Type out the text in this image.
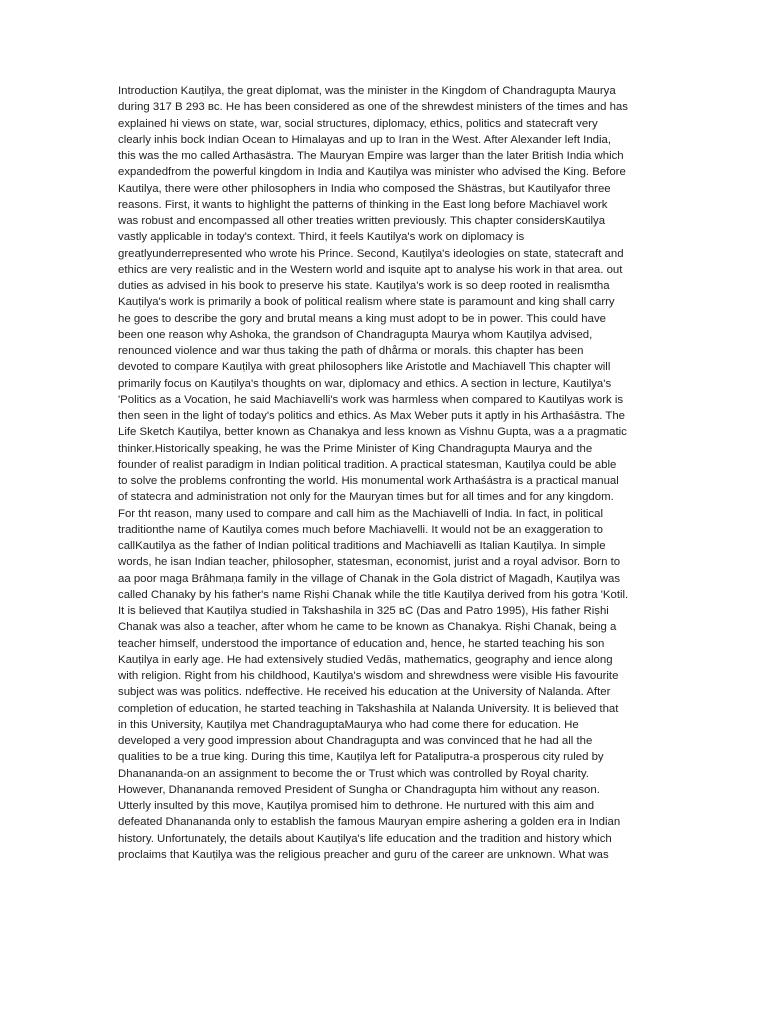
Introduction Kauṭilya, the great diplomat, was the minister in the Kingdom of Chandragupta Maurya
during 317 B 293 вс. He has been considered as one of the shrewdest ministers of the times and has
explained hi views on state, war, social structures, diplomacy, ethics, politics and statecraft very
clearly inhis bock Indian Ocean to Himalayas and up to Iran in the West. After Alexander left India,
this was the mo called Arthasästra. The Mauryan Empire was larger than the later British India which
expandedfrom the powerful kingdom in India and Kauṭilya was minister who advised the King. Before
Kautilya, there were other philosophers in India who composed the Shästras, but Kautilyafor three
reasons. First, it wants to highlight the patterns of thinking in the East long before Machiavel work
was robust and encompassed all other treaties written previously. This chapter considersKautilya
vastly applicable in today's context. Third, it feels Kautilya's work on diplomacy is
greatlyunderrepresented who wrote his Prince. Second, Kauṭilya's ideologies on state, statecraft and
ethics are very realistic and in the Western world and isquite apt to analyse his work in that area. out
duties as advised in his book to preserve his state. Kauṭilya's work is so deep rooted in realismtha
Kauṭilya's work is primarily a book of political realism where state is paramount and king shall carry
he goes to describe the gory and brutal means a king must adopt to be in power. This could have
been one reason why Ashoka, the grandson of Chandragupta Maurya whom Kauṭilya advised,
renounced violence and war thus taking the path of dhårma or morals. this chapter has been
devoted to compare Kauṭilya with great philosophers like Aristotle and Machiavell This chapter will
primarily focus on Kauṭilya's thoughts on war, diplomacy and ethics. A section in lecture, Kautilya's
'Politics as a Vocation, he said Machiavelli's work was harmless when compared to Kautilyas work is
then seen in the light of today's politics and ethics. As Max Weber puts it aptly in his Arthaśāstra. The
Life Sketch Kauṭilya, better known as Chanakya and less known as Vishnu Gupta, was a a pragmatic
thinker.Historically speaking, he was the Prime Minister of King Chandragupta Maurya and the
founder of realist paradigm in Indian political tradition. A practical statesman, Kauṭilya could be able
to solve the problems confronting the world. His monumental work Arthaśástra is a practical manual
of statecra and administration not only for the Mauryan times but for all times and for any kingdom.
For tht reason, many used to compare and call him as the Machiavelli of India. In fact, in political
traditionthe name of Kautilya comes much before Machiavelli. It would not be an exaggeration to
callKautilya as the father of Indian political traditions and Machiavelli as Italian Kauṭilya. In simple
words, he isan Indian teacher, philosopher, statesman, economist, jurist and a royal advisor. Born to
aa poor maga Brâhmaṇa family in the village of Chanak in the Gola district of Magadh, Kauṭilya was
called Chanaky by his father's name Riṣhi Chanak while the title Kauṭilya derived from his gotra 'Kotil.
It is believed that Kauṭilya studied in Takshashila in 325 вС (Das and Patro 1995), His father Riṣhi
Chanak was also a teacher, after whom he came to be known as Chanakya. Riṣhi Chanak, being a
teacher himself, understood the importance of education and, hence, he started teaching his son
Kauṭilya in early age. He had extensively studied Vedās, mathematics, geography and ience along
with religion. Right from his childhood, Kautilya's wisdom and shrewdness were visible His favourite
subject was was politics. ndeffective. He received his education at the University of Nalanda. After
completion of education, he started teaching in Takshashila at Nalanda University. It is believed that
in this University, Kauṭilya met ChandraguptaMaurya who had come there for education. He
developed a very good impression about Chandragupta and was convinced that he had all the
qualities to be a true king. During this time, Kauṭilya left for Pataliputra-a prosperous city ruled by
Dhanananda-on an assignment to become the or Trust which was controlled by Royal charity.
However, Dhanananda removed President of Sungha or Chandragupta him without any reason.
Utterly insulted by this move, Kauṭilya promised him to dethrone. He nurtured with this aim and
defeated Dhanananda only to establish the famous Mauryan empire ashering a golden era in Indian
history. Unfortunately, the details about Kauṭilya's life education and the tradition and history which
proclaims that Kauṭilya was the religious preacher and guru of the career are unknown. What was
